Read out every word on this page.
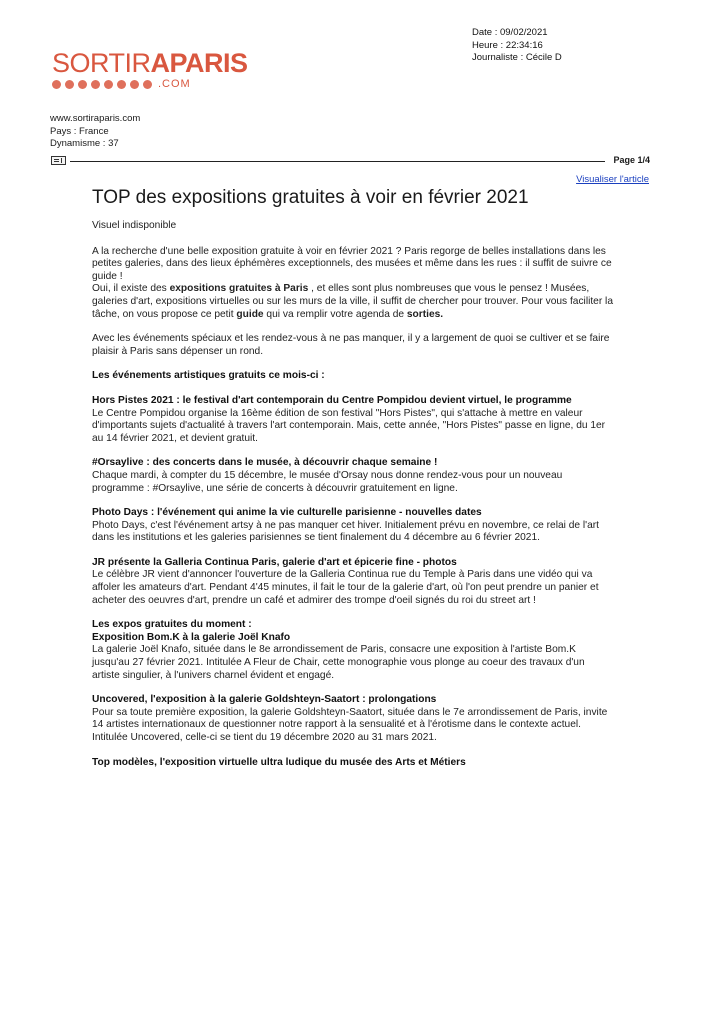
SORTIRAPARIS
.COM
Date : 09/02/2021
Heure : 22:34:16
Journaliste : Cécile D
www.sortiraparis.com
Pays : France
Dynamisme : 37
Page 1/4
Visualiser l'article
TOP des expositions gratuites à voir en février 2021

Visuel indisponible

A la recherche d'une belle exposition gratuite à voir en février 2021 ? Paris regorge de belles installations dans les petites galeries, dans des lieux éphémères exceptionnels, des musées et même dans les rues : il suffit de suivre ce guide !

Oui, il existe des expositions gratuites à Paris , et elles sont plus nombreuses que vous le pensez ! Musées, galeries d'art, expositions virtuelles ou sur les murs de la ville, il suffit de chercher pour trouver. Pour vous faciliter la tâche, on vous propose ce petit guide qui va remplir votre agenda de sorties.

Avec les événements spéciaux et les rendez-vous à ne pas manquer, il y a largement de quoi se cultiver et se faire plaisir à Paris sans dépenser un rond.

Les événements artistiques gratuits ce mois-ci :

Hors Pistes 2021 : le festival d'art contemporain du Centre Pompidou devient virtuel, le programme

Le Centre Pompidou organise la 16ème édition de son festival "Hors Pistes", qui s'attache à mettre en valeur d'importants sujets d'actualité à travers l'art contemporain. Mais, cette année, "Hors Pistes" passe en ligne, du 1er au 14 février 2021, et devient gratuit.

#Orsaylive : des concerts dans le musée, à découvrir chaque semaine !

Chaque mardi, à compter du 15 décembre, le musée d'Orsay nous donne rendez-vous pour un nouveau programme : #Orsaylive, une série de concerts à découvrir gratuitement en ligne.

Photo Days : l'événement qui anime la vie culturelle parisienne - nouvelles dates

Photo Days, c'est l'événement artsy à ne pas manquer cet hiver. Initialement prévu en novembre, ce relai de l'art dans les institutions et les galeries parisiennes se tient finalement du 4 décembre au 6 février 2021.

JR présente la Galleria Continua Paris, galerie d'art et épicerie fine - photos

Le célèbre JR vient d'annoncer l'ouverture de la Galleria Continua rue du Temple à Paris dans une vidéo qui va affoler les amateurs d'art. Pendant 4'45 minutes, il fait le tour de la galerie d'art, où l'on peut prendre un panier et acheter des oeuvres d'art, prendre un café et admirer des trompe d'oeil signés du roi du street art !

Les expos gratuites du moment :

Exposition Bom.K à la galerie Joël Knafo

La galerie Joël Knafo, située dans le 8e arrondissement de Paris, consacre une exposition à l'artiste Bom.K jusqu'au 27 février 2021. Intitulée A Fleur de Chair, cette monographie vous plonge au coeur des travaux d'un artiste singulier, à l'univers charnel évident et engagé.

Uncovered, l'exposition à la galerie Goldshteyn-Saatort : prolongations

Pour sa toute première exposition, la galerie Goldshteyn-Saatort, située dans le 7e arrondissement de Paris, invite 14 artistes internationaux de questionner notre rapport à la sensualité et à l'érotisme dans le contexte actuel. Intitulée Uncovered, celle-ci se tient du 19 décembre 2020 au 31 mars 2021.

Top modèles, l'exposition virtuelle ultra ludique du musée des Arts et Métiers
